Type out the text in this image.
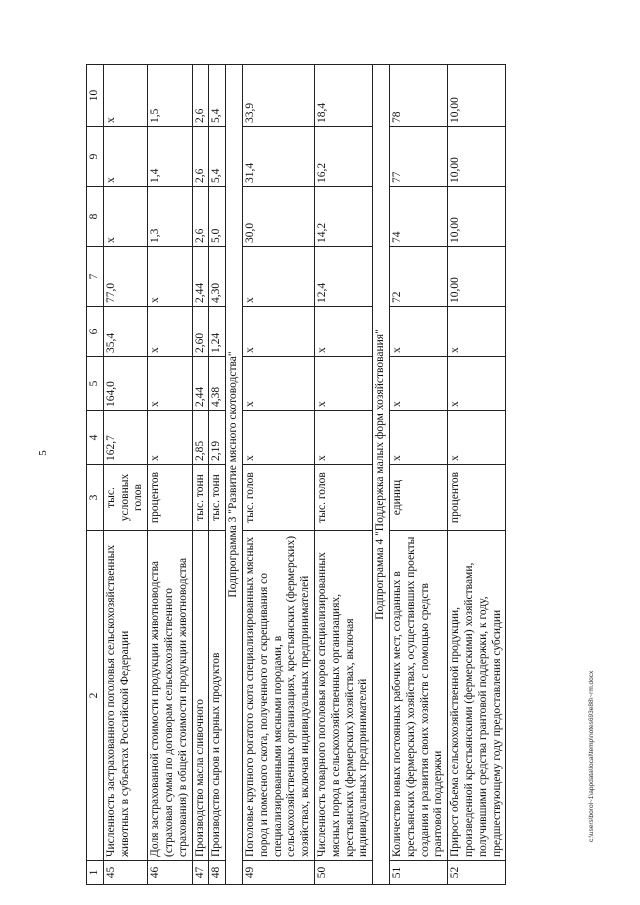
5
1	2	3	4	5	6	7	8	9	10
45	Численность застрахованного поголовья сельскохозяйственных животных в субъектах Российской Федерации	тыс. условных голов	162,7	164,0	35,4	77,0	х	х	х
46	Доля застрахованной стоимости продукции животноводства (страховая сумма по договорам сельскохозяйственного страхования) в общей стоимости продукции животноводства	процентов	х	х	х	х	1,3	1,4	1,5
47	Производство масла сливочного	тыс. тонн	2,85	2,44	2,60	2,44	2,6	2,6	2,6
48	Производство сыров и сырных продуктов	тыс. тонн	2,19	4,38	1,24	4,30	5,0	5,4	5,4
Подпрограмма 3 "Развитие мясного скотоводства"									
49	Поголовье крупного рогатого скота специализированных мясных пород и помесного скота, полученного от скрещивания со специализированными мясными породами, в сельскохозяйственных организациях, крестьянских (фермерских) хозяйствах, включая индивидуальных предпринимателей	тыс. голов	х	х	х	х	30,0	31,4	33,9
50	Численность товарного поголовья коров специализированных мясных пород в сельскохозяйственных организациях, крестьянских (фермерских) хозяйствах, включая индивидуальных предпринимателей	тыс. голов	х	х	х	12,4	14,2	16,2	18,4
Подпрограмма 4 "Поддержка малых форм хозяйствования"									
51	Количество новых постоянных рабочих мест, созданных в крестьянских (фермерских) хозяйствах, осуществивших проекты создания и развития своих хозяйств с помощью средств грантовой поддержки	единиц	х	х	х	72	74	77	78
52	Прирост объема сельскохозяйственной продукции, произведенной крестьянскими (фермерскими) хозяйствами, получившими средства грантовой поддержки, к году, предшествующему году предоставления субсидии	процентов	х	х	х	10,00	10,00	10,00	10,00
c:\users\borol~1\appdata\local\temp\notes693e88\~rm.docx
